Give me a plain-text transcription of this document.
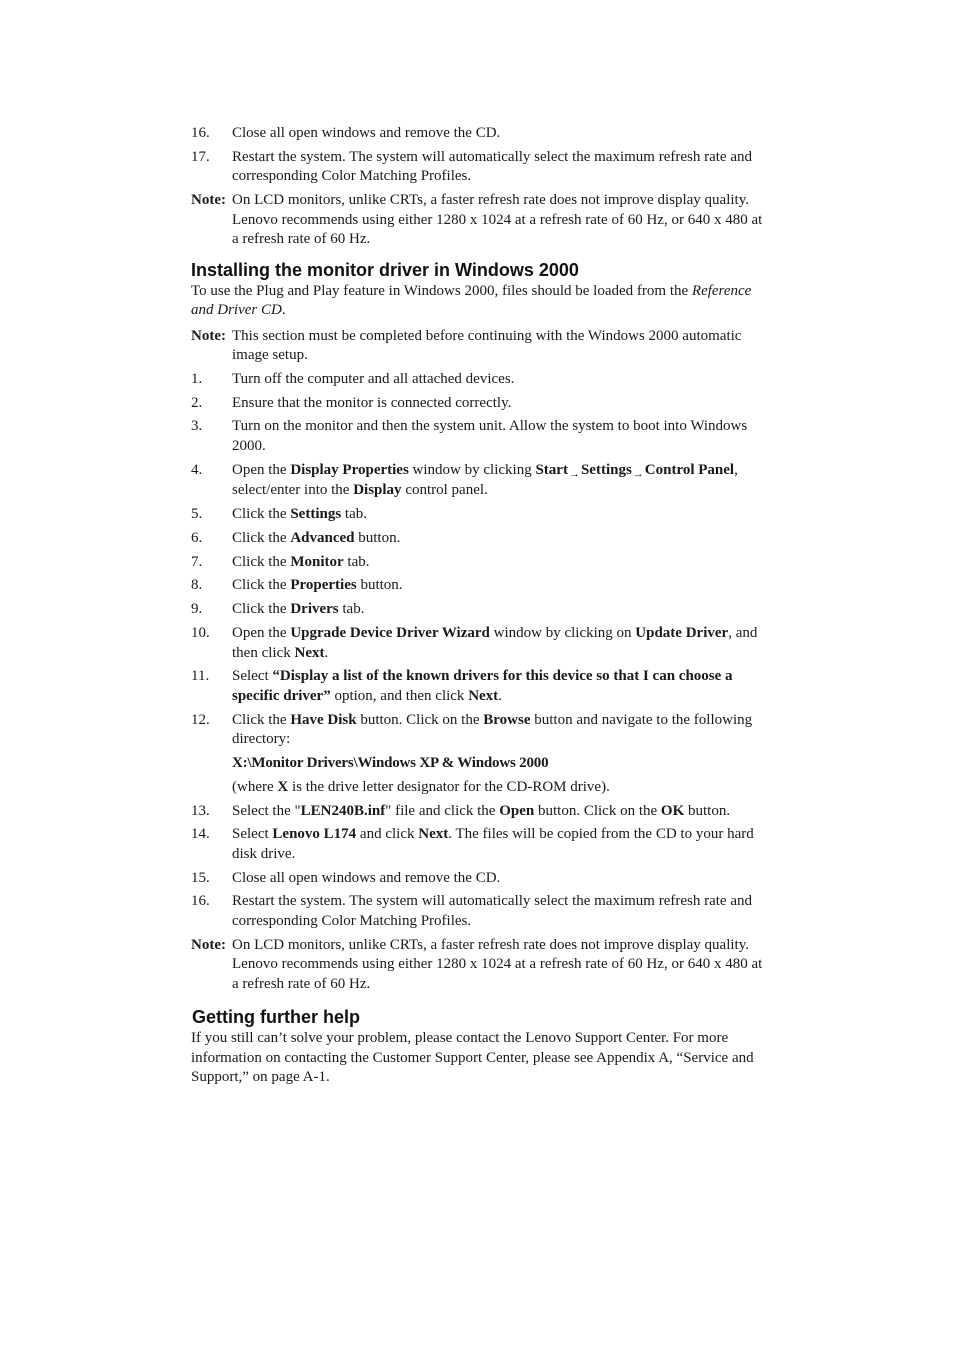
16.	Close all open windows and remove the CD.
17.	Restart the system. The system will automatically select the maximum refresh rate and corresponding Color Matching Profiles.
Note: On LCD monitors, unlike CRTs, a faster refresh rate does not improve display quality. Lenovo recommends using either 1280 x 1024 at a refresh rate of 60 Hz, or 640 x 480 at a refresh rate of 60 Hz.
Installing the monitor driver in Windows 2000

To use the Plug and Play feature in Windows 2000, files should be loaded from the Reference and Driver CD.

Note: This section must be completed before continuing with the Windows 2000 automatic image setup.
1.	Turn off the computer and all attached devices.
2.	Ensure that the monitor is connected correctly.
3.	Turn on the monitor and then the system unit. Allow the system to boot into Windows 2000.
4.	Open the Display Properties window by clicking Start$_\to$Settings$_\to$Control Panel, select/enter into the Display control panel.
5.	Click the Settings tab.
6.	Click the Advanced button.
7.	Click the Monitor tab.
8.	Click the Properties button.
9.	Click the Drivers tab.
10.	Open the Upgrade Device Driver Wizard window by clicking on Update Driver, and then click Next.
11.	Select “Display a list of the known drivers for this device so that I can choose a specific driver” option, and then click Next.
12.	Click the Have Disk button. Click on the Browse button and navigate to the following directory:
X:\Monitor Drivers\Windows XP & Windows 2000
(where X is the drive letter designator for the CD-ROM drive).
13.	Select the "LEN240B.inf" file and click the Open button. Click on the OK button.
14.	Select Lenovo L174 and click Next. The files will be copied from the CD to your hard disk drive.
15.	Close all open windows and remove the CD.
16.	Restart the system. The system will automatically select the maximum refresh rate and corresponding Color Matching Profiles.
Note: On LCD monitors, unlike CRTs, a faster refresh rate does not improve display quality. Lenovo recommends using either 1280 x 1024 at a refresh rate of 60 Hz, or 640 x 480 at a refresh rate of 60 Hz.
Getting further help

If you still can’t solve your problem, please contact the Lenovo Support Center. For more information on contacting the Customer Support Center, please see Appendix A, “Service and Support,” on page A-1.
